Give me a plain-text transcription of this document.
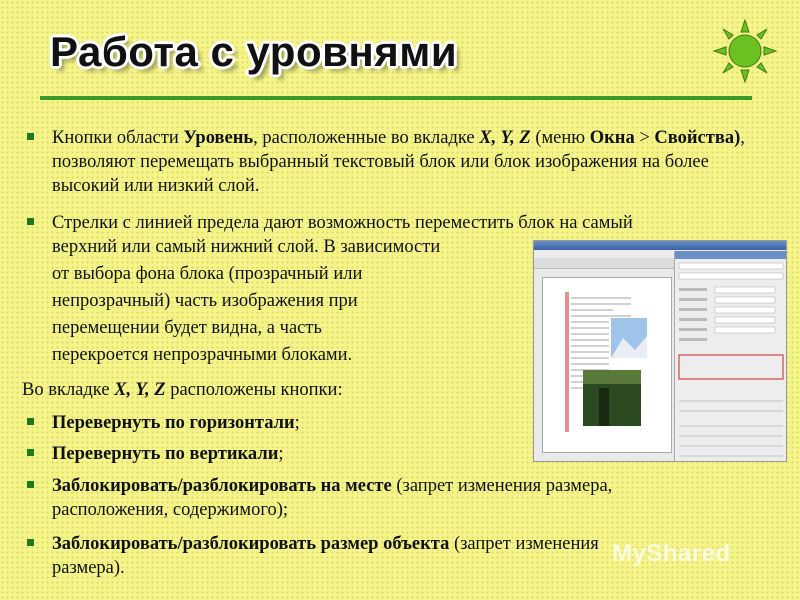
Работа с уровнями
Кнопки области Уровень, расположенные во вкладке X, Y, Z (меню Окна > Свойства), позволяют перемещать выбранный текстовый блок или блок изображения на более высокий или низкий слой.
Стрелки с линией предела дают возможность переместить блок на самый
верхний или самый нижний слой. В зависимости
от выбора фона блока (прозрачный или
непрозрачный) часть изображения при
перемещении будет видна, а часть
перекроется непрозрачными блоками.
Во вкладке X, Y, Z расположены кнопки:
Перевернуть по горизонтали;
Перевернуть по вертикали;
Заблокировать/разблокировать на месте (запрет изменения размера,
расположения, содержимого);
Заблокировать/разблокировать размер объекта (запрет изменения
размера).
MyShared
